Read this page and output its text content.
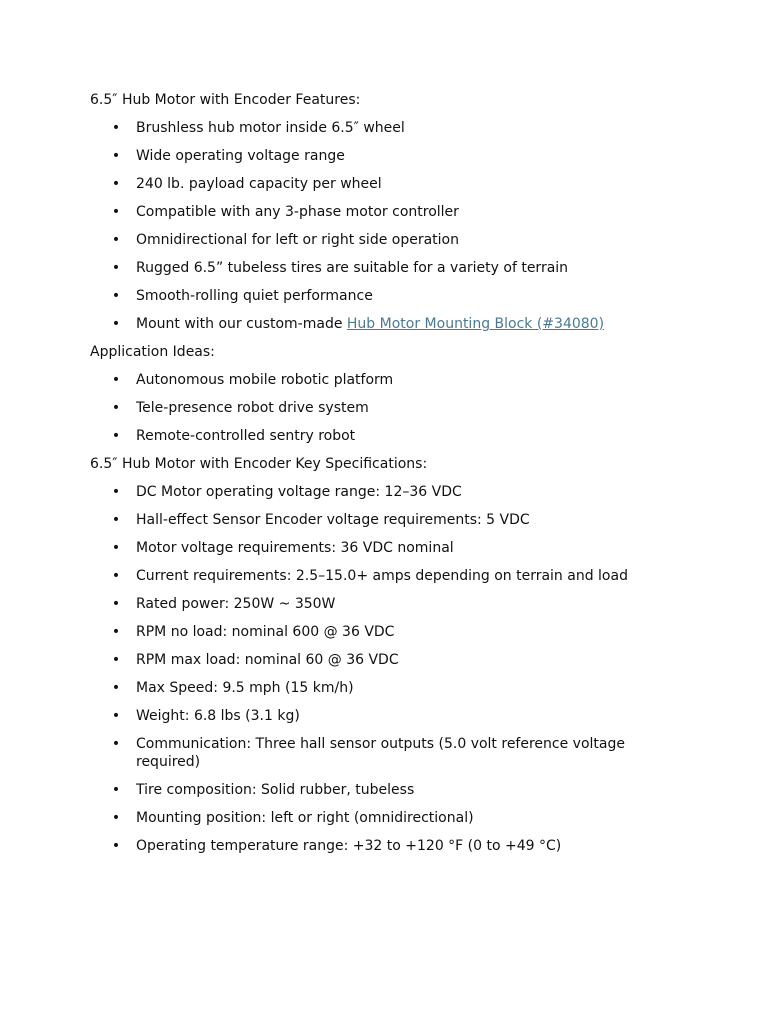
6.5″ Hub Motor with Encoder Features:

• Brushless hub motor inside 6.5″ wheel
• Wide operating voltage range
• 240 lb. payload capacity per wheel
• Compatible with any 3-phase motor controller
• Omnidirectional for left or right side operation
• Rugged 6.5” tubeless tires are suitable for a variety of terrain
• Smooth-rolling quiet performance
• Mount with our custom-made Hub Motor Mounting Block (#34080)

Application Ideas:

• Autonomous mobile robotic platform
• Tele-presence robot drive system
• Remote-controlled sentry robot

6.5″ Hub Motor with Encoder Key Specifications:

• DC Motor operating voltage range: 12–36 VDC
• Hall-effect Sensor Encoder voltage requirements: 5 VDC
• Motor voltage requirements: 36 VDC nominal
• Current requirements: 2.5–15.0+ amps depending on terrain and load
• Rated power: 250W ~ 350W
• RPM no load: nominal 600 @ 36 VDC
• RPM max load: nominal 60 @ 36 VDC
• Max Speed: 9.5 mph (15 km/h)
• Weight: 6.8 lbs (3.1 kg)
• Communication: Three hall sensor outputs (5.0 volt reference voltage required)
• Tire composition: Solid rubber, tubeless
• Mounting position: left or right (omnidirectional)
• Operating temperature range: +32 to +120 °F (0 to +49 °C)
